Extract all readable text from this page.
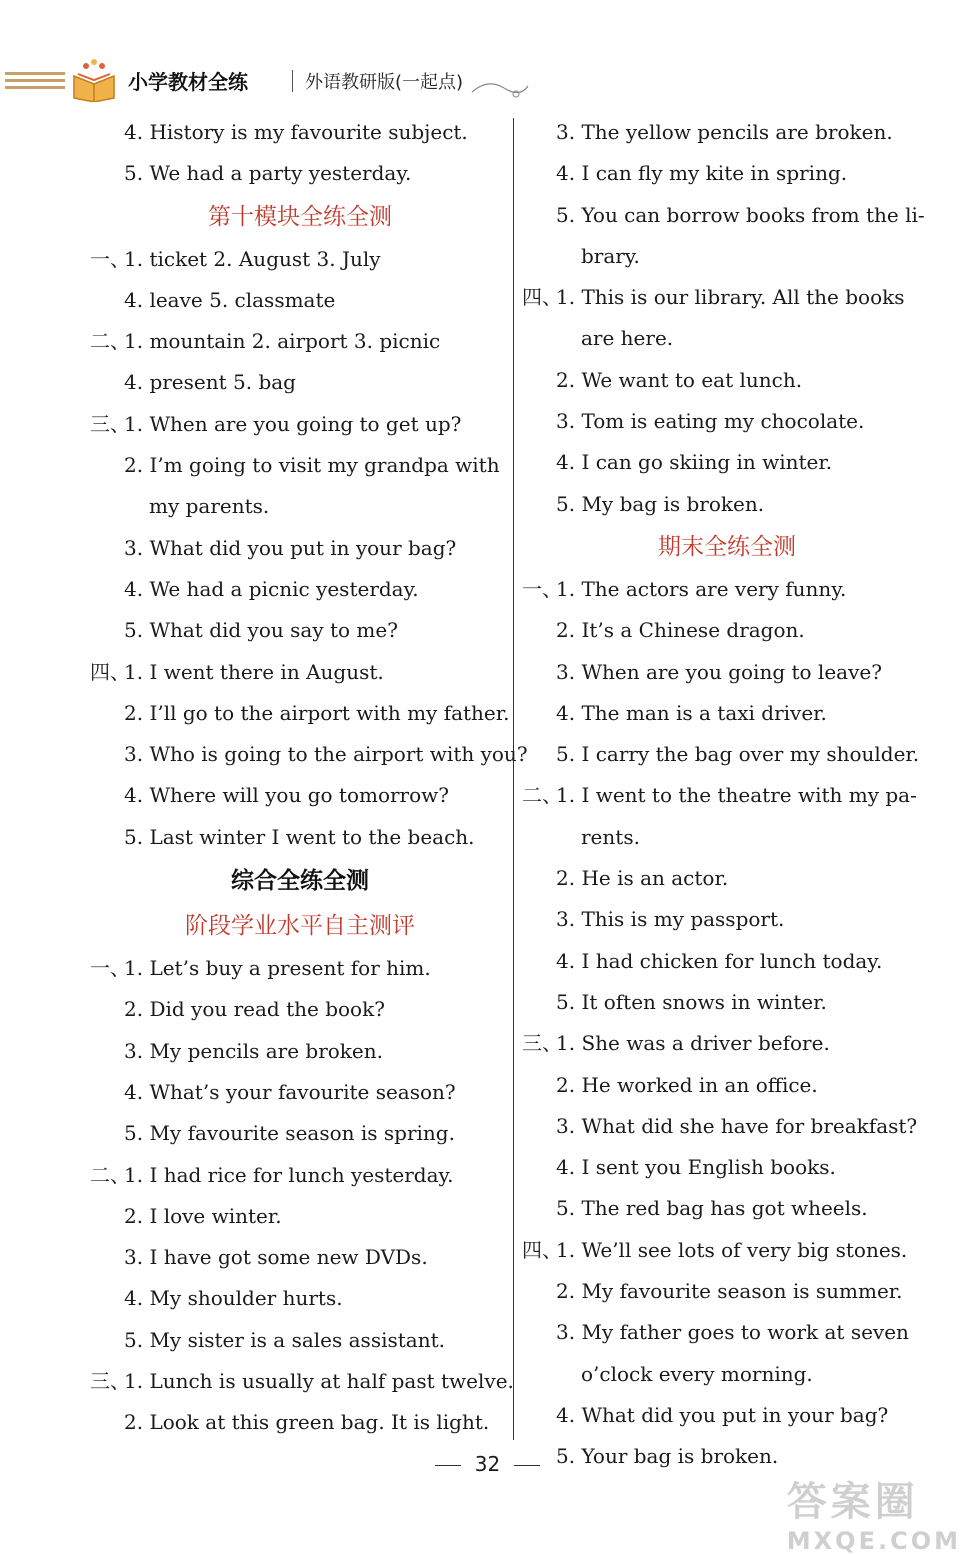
小学教材全练	外语教研版(一起点)
4. History is my favourite subject.
5. We had a party yesterday.
第十模块全练全测
一、1. ticket 2. August 3. July
4. leave 5. classmate
二、1. mountain 2. airport 3. picnic
4. present 5. bag
三、1. When are you going to get up?
2. I’m going to visit my grandpa with
my parents.
3. What did you put in your bag?
4. We had a picnic yesterday.
5. What did you say to me?
四、1. I went there in August.
2. I’ll go to the airport with my father.
3. Who is going to the airport with you?
4. Where will you go tomorrow?
5. Last winter I went to the beach.
综合全练全测
阶段学业水平自主测评
一、1. Let’s buy a present for him.
2. Did you read the book?
3. My pencils are broken.
4. What’s your favourite season?
5. My favourite season is spring.
二、1. I had rice for lunch yesterday.
2. I love winter.
3. I have got some new DVDs.
4. My shoulder hurts.
5. My sister is a sales assistant.
三、1. Lunch is usually at half past twelve.
2. Look at this green bag. It is light.
3. The yellow pencils are broken.
4. I can fly my kite in spring.
5. You can borrow books from the li-
brary.
四、1. This is our library. All the books
are here.
2. We want to eat lunch.
3. Tom is eating my chocolate.
4. I can go skiing in winter.
5. My bag is broken.
期末全练全测
一、1. The actors are very funny.
2. It’s a Chinese dragon.
3. When are you going to leave?
4. The man is a taxi driver.
5. I carry the bag over my shoulder.
二、1. I went to the theatre with my pa-
rents.
2. He is an actor.
3. This is my passport.
4. I had chicken for lunch today.
5. It often snows in winter.
三、1. She was a driver before.
2. He worked in an office.
3. What did she have for breakfast?
4. I sent you English books.
5. The red bag has got wheels.
四、1. We’ll see lots of very big stones.
2. My favourite season is summer.
3. My father goes to work at seven
o’clock every morning.
4. What did you put in your bag?
5. Your bag is broken.
32
答案圈
MXQE.COM
